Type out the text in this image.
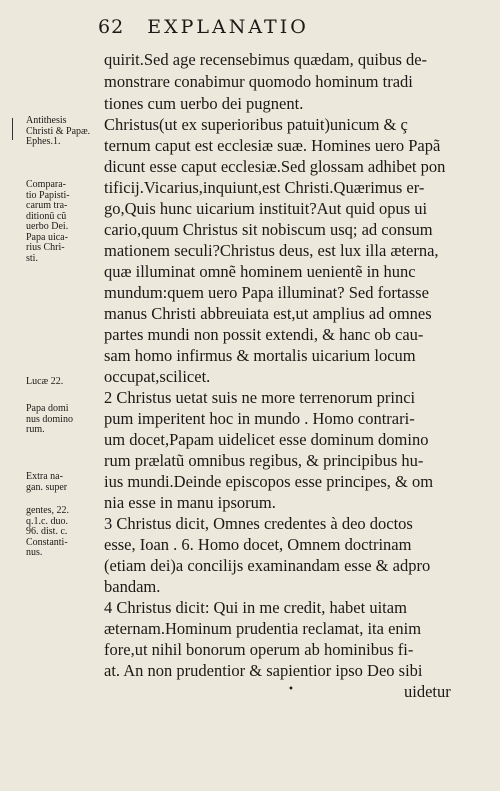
62 EXPLANATIO
Antithesis
Christi & Papæ.
Ephes.1.
Compara-
tio Papisti-
carum tra-
ditionũ cũ
uerbo Dei.
Papa uica-
rius Chri-
sti.
Lucæ 22.
Papa domi
nus domino
rum.
Extra na-
gan. super
gentes, 22.
q.1.c. duo.
96. dist. c.
Constanti-
nus.
quirit.Sed age recensebimus quædam, quibus de-
monstrare conabimur quomodo hominum tradi
tiones cum uerbo dei pugnent.
Christus(ut ex superioribus patuit)unicum & ç
ternum caput est ecclesiæ suæ. Homines uero Papã
dicunt esse caput ecclesiæ.Sed glossam adhibet pon
tificij.Vicarius,inquiunt,est Christi.Quærimus er-
go,Quis hunc uicarium instituit?Aut quid opus ui
cario,quum Christus sit nobiscum usq; ad consum
mationem seculi?Christus deus, est lux illa æterna,
quæ illuminat omnẽ hominem uenientẽ in hunc
mundum:quem uero Papa illuminat? Sed fortasse
manus Christi abbreuiata est,ut amplius ad omnes
partes mundi non possit extendi, & hanc ob cau-
sam homo infirmus & mortalis uicarium locum
occupat,scilicet.
2 Christus uetat suis ne more terrenorum princi
pum imperitent hoc in mundo . Homo contrari-
um docet,Papam uidelicet esse dominum domino
rum prælatũ omnibus regibus, & principibus hu-
ius mundi.Deinde episcopos esse principes, & om
nia esse in manu ipsorum.
3 Christus dicit, Omnes credentes à deo doctos
esse, Ioan . 6. Homo docet, Omnem doctrinam
(etiam dei)a concilijs examinandam esse & adpro
bandam.
4 Christus dicit: Qui in me credit, habet uitam
æternam.Hominum prudentia reclamat, ita enim
fore,ut nihil bonorum operum ab hominibus fi-
at. An non prudentior & sapientior ipso Deo sibi
uidetur
•
